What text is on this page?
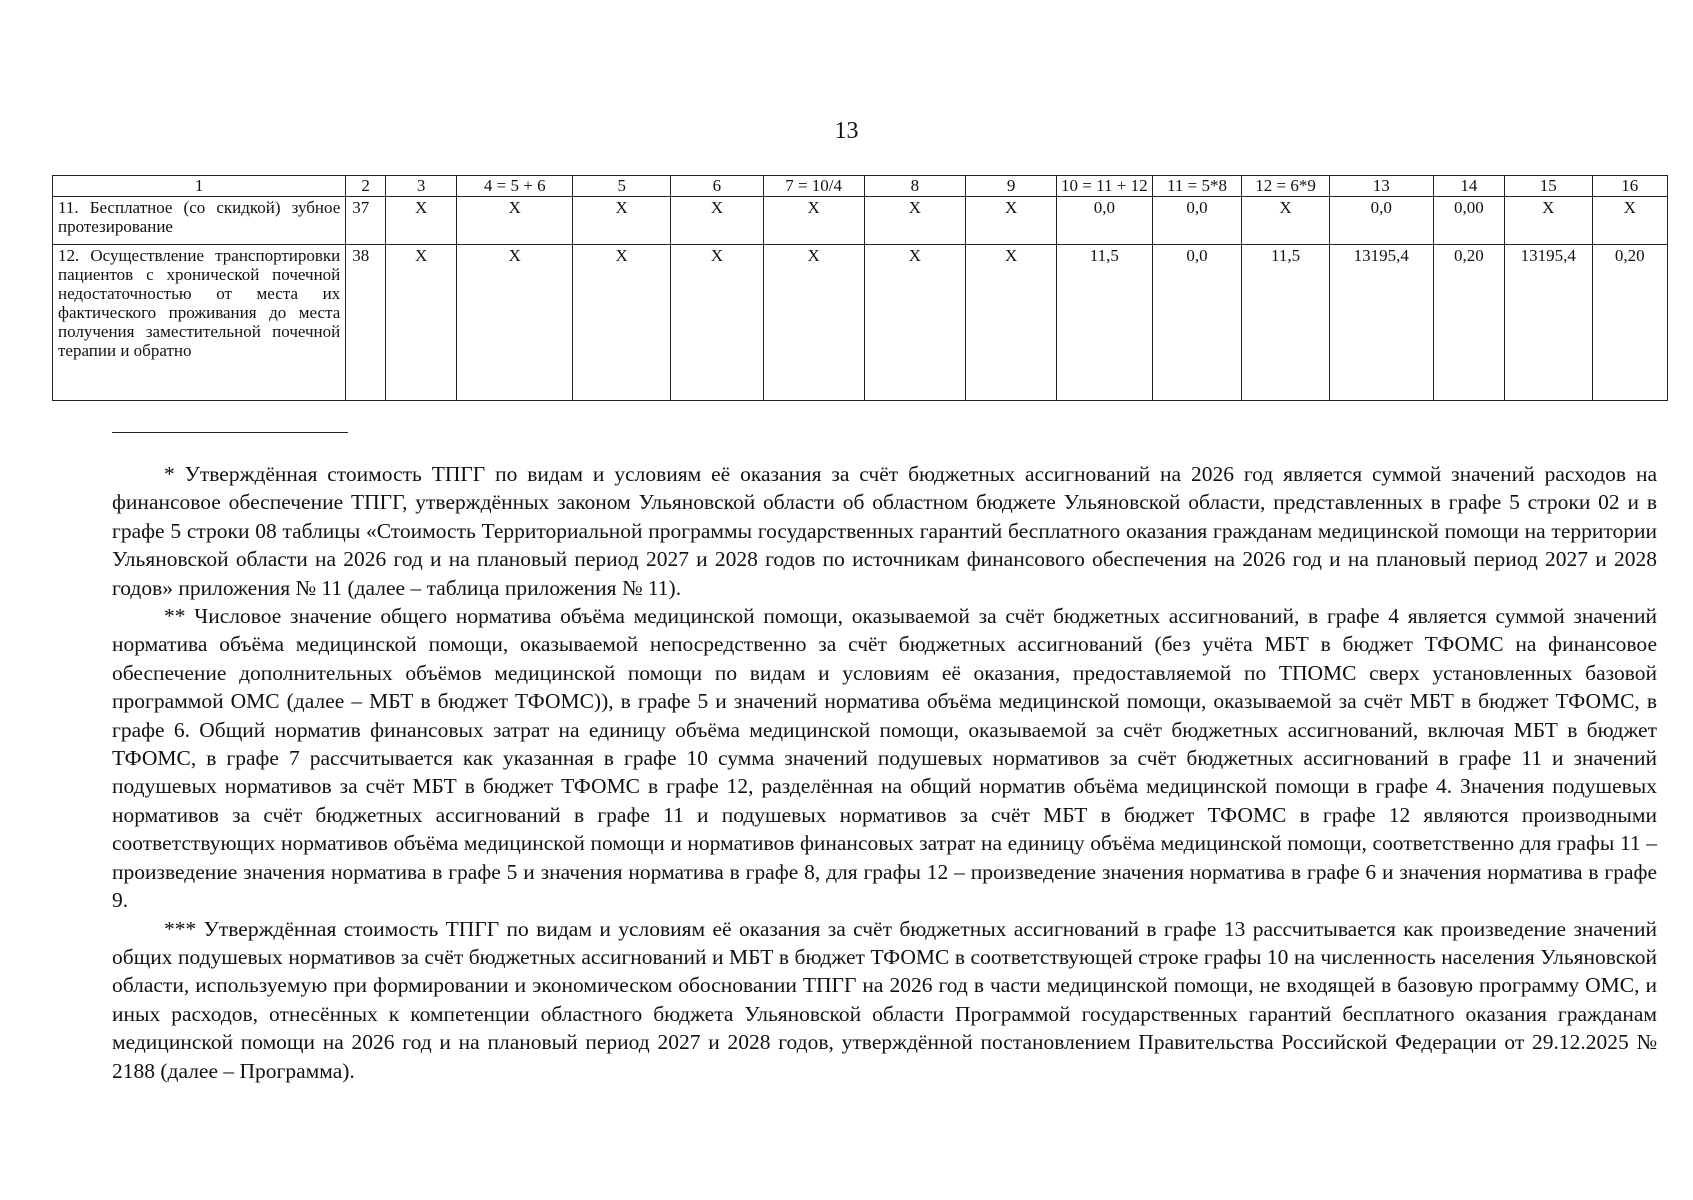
13
1	2	3	4 = 5 + 6	5	6	7 = 10/4	8	9	10 = 11 + 12	11 = 5*8	12 = 6*9	13	14	15	16
11. Бесплатное (со скидкой) зубное протезирование	37	X	X	X	X	X	X	X	0,0	0,0	X	0,0	0,00	X	X
12. Осуществление транспортировки пациентов с хронической почечной недостаточностью от места их фактического проживания до места получения заместительной почечной терапии и обратно	38	X	X	X	X	X	X	X	11,5	0,0	11,5	13195,4	0,20	13195,4	0,20

* Утверждённая стоимость ТПГГ по видам и условиям её оказания за счёт бюджетных ассигнований на 2026 год является суммой значений расходов на финансовое обеспечение ТПГГ, утверждённых законом Ульяновской области об областном бюджете Ульяновской области, представленных в графе 5 строки 02 и в графе 5 строки 08 таблицы «Стоимость Территориальной программы государственных гарантий бесплатного оказания гражданам медицинской помощи на территории Ульяновской области на 2026 год и на плановый период 2027 и 2028 годов по источникам финансового обеспечения на 2026 год и на плановый период 2027 и 2028 годов» приложения № 11 (далее – таблица приложения № 11).

** Числовое значение общего норматива объёма медицинской помощи, оказываемой за счёт бюджетных ассигнований, в графе 4 является суммой значений норматива объёма медицинской помощи, оказываемой непосредственно за счёт бюджетных ассигнований (без учёта МБТ в бюджет ТФОМС на финансовое обеспечение дополнительных объёмов медицинской помощи по видам и условиям её оказания, предоставляемой по ТПОМС сверх установленных базовой программой ОМС (далее – МБТ в бюджет ТФОМС)), в графе 5 и значений норматива объёма медицинской помощи, оказываемой за счёт МБТ в бюджет ТФОМС, в графе 6. Общий норматив финансовых затрат на единицу объёма медицинской помощи, оказываемой за счёт бюджетных ассигнований, включая МБТ в бюджет ТФОМС, в графе 7 рассчитывается как указанная в графе 10 сумма значений подушевых нормативов за счёт бюджетных ассигнований в графе 11 и значений подушевых нормативов за счёт МБТ в бюджет ТФОМС в графе 12, разделённая на общий норматив объёма медицинской помощи в графе 4. Значения подушевых нормативов за счёт бюджетных ассигнований в графе 11 и подушевых нормативов за счёт МБТ в бюджет ТФОМС в графе 12 являются производными соответствующих нормативов объёма медицинской помощи и нормативов финансовых затрат на единицу объёма медицинской помощи, соответственно для графы 11 – произведение значения норматива в графе 5 и значения норматива в графе 8, для графы 12 – произведение значения норматива в графе 6 и значения норматива в графе 9.

*** Утверждённая стоимость ТПГГ по видам и условиям её оказания за счёт бюджетных ассигнований в графе 13 рассчитывается как произведение значений общих подушевых нормативов за счёт бюджетных ассигнований и МБТ в бюджет ТФОМС в соответствующей строке графы 10 на численность населения Ульяновской области, используемую при формировании и экономическом обосновании ТПГГ на 2026 год в части медицинской помощи, не входящей в базовую программу ОМС, и иных расходов, отнесённых к компетенции областного бюджета Ульяновской области Программой государственных гарантий бесплатного оказания гражданам медицинской помощи на 2026 год и на плановый период 2027 и 2028 годов, утверждённой постановлением Правительства Российской Федерации от 29.12.2025 № 2188 (далее – Программа).
